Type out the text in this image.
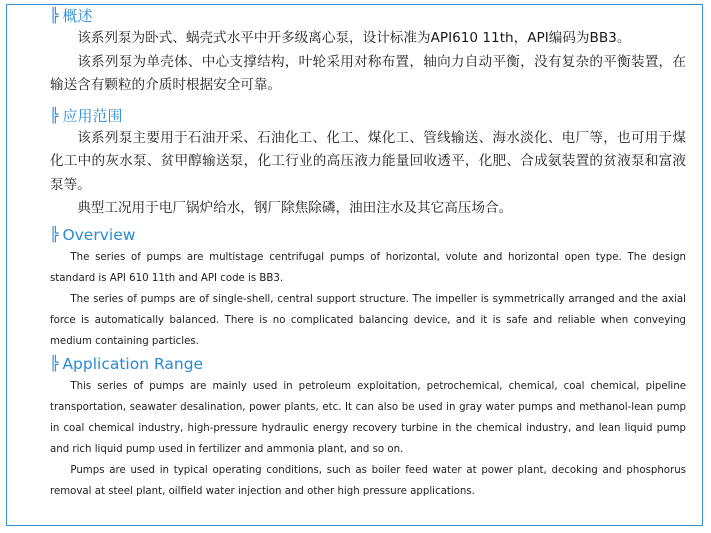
╠ 概述

该系列泵为卧式、蜗壳式水平中开多级离心泵，设计标准为API610 11th，API编码为BB3。

该系列泵为单壳体、中心支撑结构，叶轮采用对称布置，轴向力自动平衡，没有复杂的平衡装置，在输送含有颗粒的介质时根据安全可靠。

╠ 应用范围

该系列泵主要用于石油开采、石油化工、化工、煤化工、管线输送、海水淡化、电厂等，也可用于煤化工中的灰水泵、贫甲醇输送泵，化工行业的高压液力能量回收透平，化肥、合成氨装置的贫液泵和富液泵等。

典型工况用于电厂锅炉给水，钢厂除焦除磷，油田注水及其它高压场合。

╠ Overview

The series of pumps are multistage centrifugal pumps of horizontal, volute and horizontal open type. The design standard is API 610 11th and API code is BB3.

The series of pumps are of single-shell, central support structure. The impeller is symmetrically arranged and the axial force is automatically balanced. There is no complicated balancing device, and it is safe and reliable when conveying medium containing particles.

╠ Application Range

This series of pumps are mainly used in petroleum exploitation, petrochemical, chemical, coal chemical, pipeline transportation, seawater desalination, power plants, etc. It can also be used in gray water pumps and methanol-lean pump in coal chemical industry, high-pressure hydraulic energy recovery turbine in the chemical industry, and lean liquid pump and rich liquid pump used in fertilizer and ammonia plant, and so on.

Pumps are used in typical operating conditions, such as boiler feed water at power plant, decoking and phosphorus removal at steel plant, oilfield water injection and other high pressure applications.
